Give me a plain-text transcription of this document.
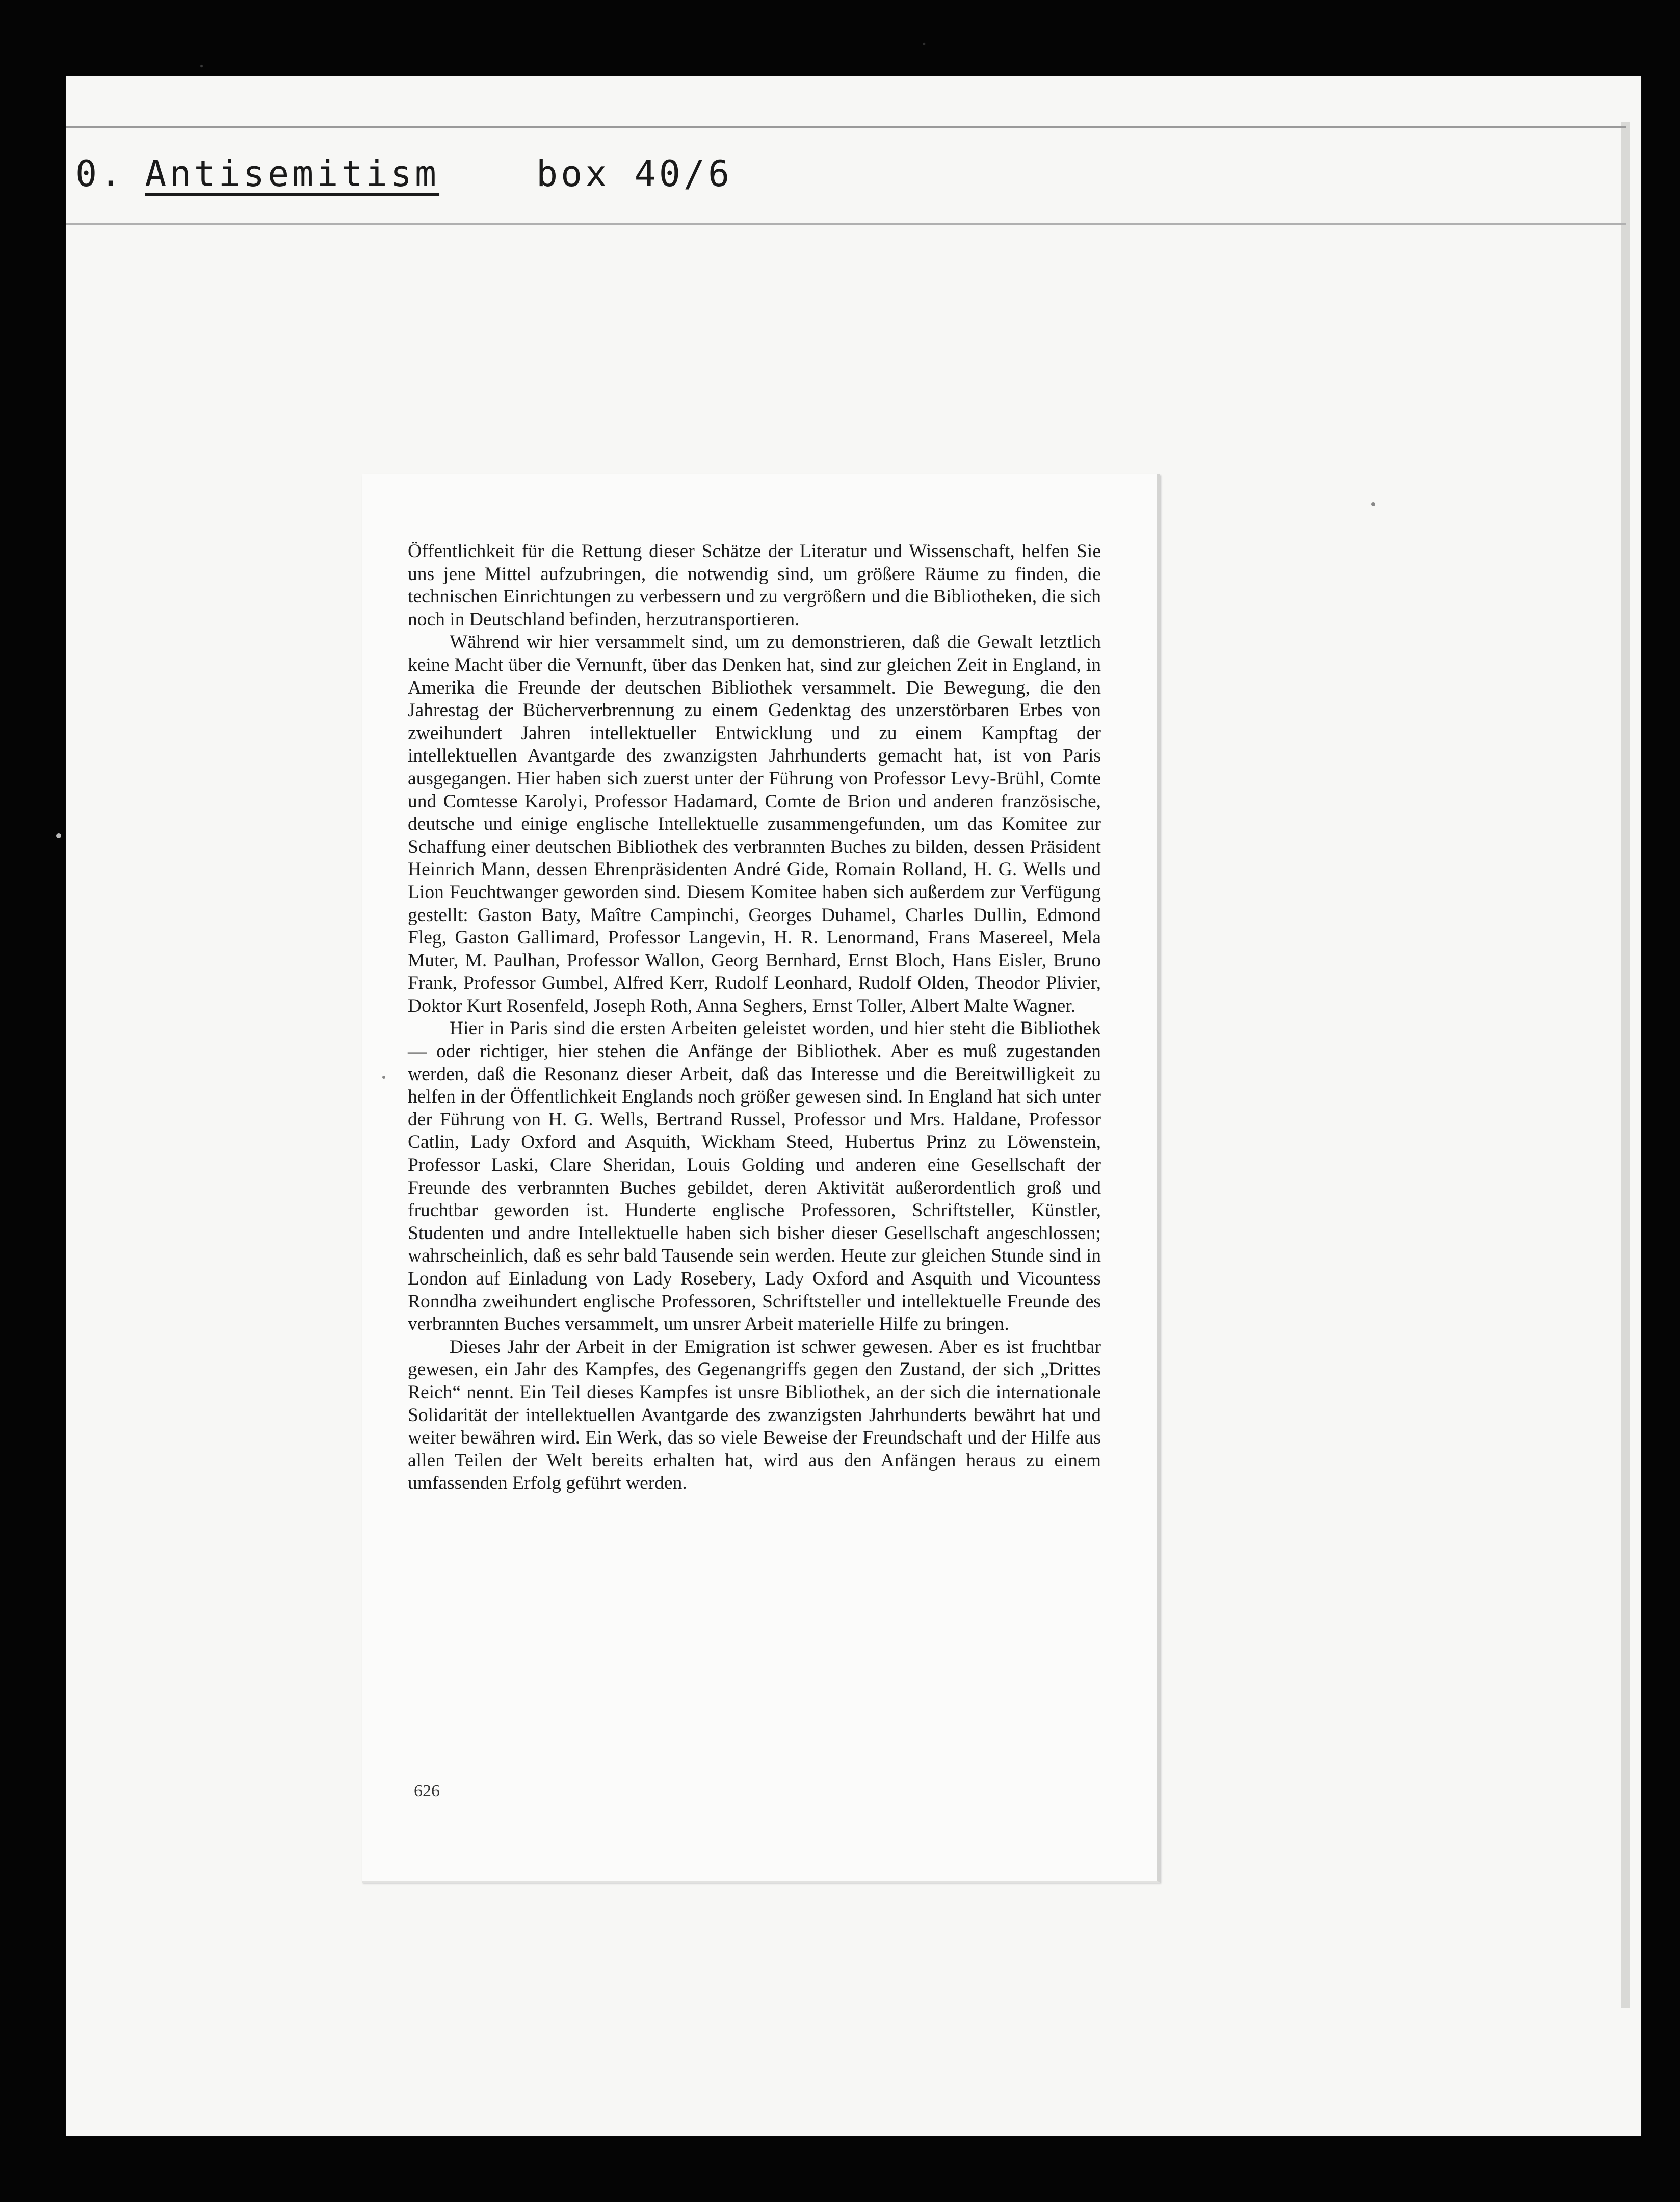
0. Antisemitism	box 40/6

Öffentlichkeit für die Rettung dieser Schätze der Literatur und Wissenschaft, helfen Sie uns jene Mittel aufzubringen, die notwendig sind, um größere Räume zu finden, die technischen Einrichtungen zu verbessern und zu vergrößern und die Bibliotheken, die sich noch in Deutschland befinden, herzutransportieren.

Während wir hier versammelt sind, um zu demonstrieren, daß die Gewalt letztlich keine Macht über die Vernunft, über das Denken hat, sind zur gleichen Zeit in England, in Amerika die Freunde der deutschen Bibliothek versammelt. Die Bewegung, die den Jahrestag der Bücherverbrennung zu einem Gedenktag des unzerstörbaren Erbes von zweihundert Jahren intellektueller Entwicklung und zu einem Kampftag der intellektuellen Avantgarde des zwanzigsten Jahrhunderts gemacht hat, ist von Paris ausgegangen. Hier haben sich zuerst unter der Führung von Professor Levy-Brühl, Comte und Comtesse Karolyi, Professor Hadamard, Comte de Brion und anderen französische, deutsche und einige englische Intellektuelle zusammengefunden, um das Komitee zur Schaffung einer deutschen Bibliothek des verbrannten Buches zu bilden, dessen Präsident Heinrich Mann, dessen Ehrenpräsidenten André Gide, Romain Rolland, H. G. Wells und Lion Feuchtwanger geworden sind. Diesem Komitee haben sich außerdem zur Verfügung gestellt: Gaston Baty, Maître Campinchi, Georges Duhamel, Charles Dullin, Edmond Fleg, Gaston Gallimard, Professor Langevin, H. R. Lenormand, Frans Masereel, Mela Muter, M. Paulhan, Professor Wallon, Georg Bernhard, Ernst Bloch, Hans Eisler, Bruno Frank, Professor Gumbel, Alfred Kerr, Rudolf Leonhard, Rudolf Olden, Theodor Plivier, Doktor Kurt Rosenfeld, Joseph Roth, Anna Seghers, Ernst Toller, Albert Malte Wagner.

Hier in Paris sind die ersten Arbeiten geleistet worden, und hier steht die Bibliothek — oder richtiger, hier stehen die Anfänge der Bibliothek. Aber es muß zugestanden werden, daß die Resonanz dieser Arbeit, daß das Interesse und die Bereitwilligkeit zu helfen in der Öffentlichkeit Englands noch größer gewesen sind. In England hat sich unter der Führung von H. G. Wells, Bertrand Russel, Professor und Mrs. Haldane, Professor Catlin, Lady Oxford and Asquith, Wickham Steed, Hubertus Prinz zu Löwenstein, Professor Laski, Clare Sheridan, Louis Golding und anderen eine Gesellschaft der Freunde des verbrannten Buches gebildet, deren Aktivität außerordentlich groß und fruchtbar geworden ist. Hunderte englische Professoren, Schriftsteller, Künstler, Studenten und andre Intellektuelle haben sich bisher dieser Gesellschaft angeschlossen; wahrscheinlich, daß es sehr bald Tausende sein werden. Heute zur gleichen Stunde sind in London auf Einladung von Lady Rosebery, Lady Oxford and Asquith und Vicountess Ronndha zweihundert englische Professoren, Schriftsteller und intellektuelle Freunde des verbrannten Buches versammelt, um unsrer Arbeit materielle Hilfe zu bringen.

Dieses Jahr der Arbeit in der Emigration ist schwer gewesen. Aber es ist fruchtbar gewesen, ein Jahr des Kampfes, des Gegenangriffs gegen den Zustand, der sich „Drittes Reich“ nennt. Ein Teil dieses Kampfes ist unsre Bibliothek, an der sich die internationale Solidarität der intellektuellen Avantgarde des zwanzigsten Jahrhunderts bewährt hat und weiter bewähren wird. Ein Werk, das so viele Beweise der Freundschaft und der Hilfe aus allen Teilen der Welt bereits erhalten hat, wird aus den Anfängen heraus zu einem umfassenden Erfolg geführt werden.

626
